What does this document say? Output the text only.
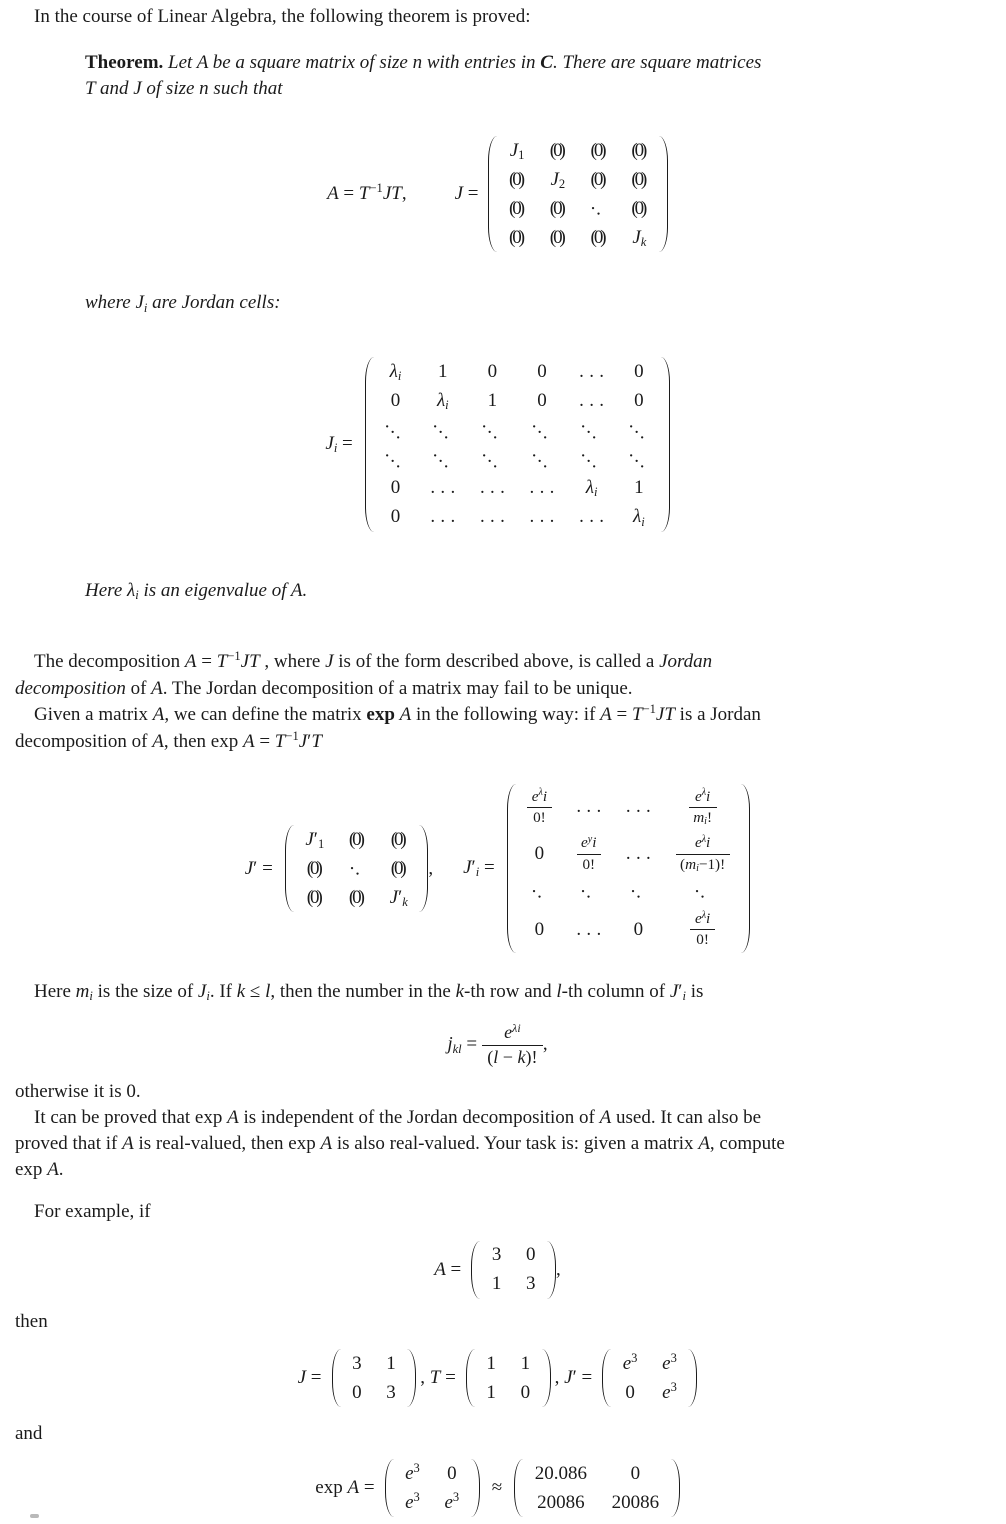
In the course of Linear Algebra, the following theorem is proved:
Theorem. Let A be a square matrix of size n with entries in C. There are square matrices
T and J of size n such that
$A = T^{-1}JT$,	J =
J1 (0) (0) (0)
(0) J2 (0) (0)
(0) (0) .. (0)
(0) (0) (0) Jk
where Ji are Jordan cells:
Ji =
λi 1 0 0 ... 0
0 λi 1 0 ... 0
... ... ... ... ... ...
... ... ... ... ... ...
0 ... ... ... λi 1
0 ... ... ... ... λi
Here λi is an eigenvalue of A.
The decomposition $A = T^{-1}JT$ , where J is of the form described above, is called a Jordan
decomposition of A. The Jordan decomposition of a matrix may fail to be unique.
Given a matrix A, we can define the matrix exp A in the following way: if $A = T^{-1}JT$ is a Jordan
decomposition of A, then $\exp A = T^{-1}J'T$
J′ =
J′1 (0) (0)
(0) .. (0)
(0) (0) J′k
, J′i =
$\frac{e^\lambda i}{0!}$ ... ... $\frac{e^\lambda i}{mi!}$
$0 \frac{e^yi}{0!}$ ... $\frac{e^\lambda i}{(mi-1)!}$
.. .. .. ..
0 ... 0	$\frac{e^\lambda i}{0!}$
Here mi is the size of Ji. If k ≤ l, then the number in the k-th row and l-th column of J′i is
jkl = $\frac{e^{\lambda i}}{(l - k)!}$ ,
otherwise it is 0.
It can be proved that exp A is independent of the Jordan decomposition of A used. It can also be
proved that if A is real-valued, then exp A is also real-valued. Your task is: given a matrix A, compute
exp A.
For example, if
A =
3 0
1 3
,
then
J =
3 1
0 3
, T =
1 1
1 0
, J′ =
$e^3$ $e^3$
0 $e^3$
and
exp A =
$e^3$ 0
$e^3$ $e^3$ ≈
20.086 0
20086 20086
